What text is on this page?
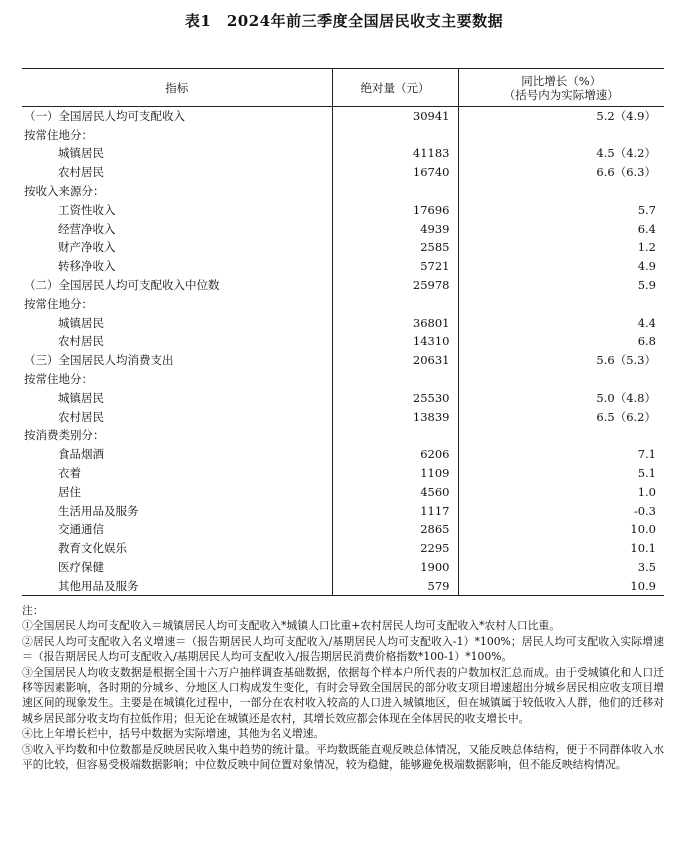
表1　2024年前三季度全国居民收支主要数据
指标	绝对量（元）	同比增长（%）
（括号内为实际增速）

（一）全国居民人均可支配收入	30941	5.2（4.9）
按常住地分：		
城镇居民	41183	4.5（4.2）
农村居民	16740	6.6（6.3）
按收入来源分：		
工资性收入	17696	5.7
经营净收入	4939	6.4
财产净收入	2585	1.2
转移净收入	5721	4.9
（二）全国居民人均可支配收入中位数	25978	5.9
按常住地分：		
城镇居民	36801	4.4
农村居民	14310	6.8
（三）全国居民人均消费支出	20631	5.6（5.3）
按常住地分：		
城镇居民	25530	5.0（4.8）
农村居民	13839	6.5（6.2）
按消费类别分：		
食品烟酒	6206	7.1
衣着	1109	5.1
居住	4560	1.0
生活用品及服务	1117	-0.3
交通通信	2865	10.0
教育文化娱乐	2295	10.1
医疗保健	1900	3.5
其他用品及服务	579	10.9

注：

①全国居民人均可支配收入＝城镇居民人均可支配收入*城镇人口比重+农村居民人均可支配收入*农村人口比重。

②居民人均可支配收入名义增速＝（报告期居民人均可支配收入/基期居民人均可支配收入-1）*100%；居民人均可支配收入实际增速＝（报告期居民人均可支配收入/基期居民人均可支配收入/报告期居民消费价格指数*100-1）*100%。

③全国居民人均收支数据是根据全国十六万户抽样调查基础数据，依据每个样本户所代表的户数加权汇总而成。由于受城镇化和人口迁移等因素影响，各时期的分城乡、分地区人口构成发生变化，有时会导致全国居民的部分收支项目增速超出分城乡居民相应收支项目增速区间的现象发生。主要是在城镇化过程中，一部分在农村收入较高的人口进入城镇地区，但在城镇属于较低收入人群，他们的迁移对城乡居民部分收支均有拉低作用；但无论在城镇还是农村，其增长效应都会体现在全体居民的收支增长中。

④比上年增长栏中，括号中数据为实际增速，其他为名义增速。

⑤收入平均数和中位数都是反映居民收入集中趋势的统计量。平均数既能直观反映总体情况，又能反映总体结构，便于不同群体收入水平的比较，但容易受极端数据影响；中位数反映中间位置对象情况，较为稳健，能够避免极端数据影响，但不能反映结构情况。
